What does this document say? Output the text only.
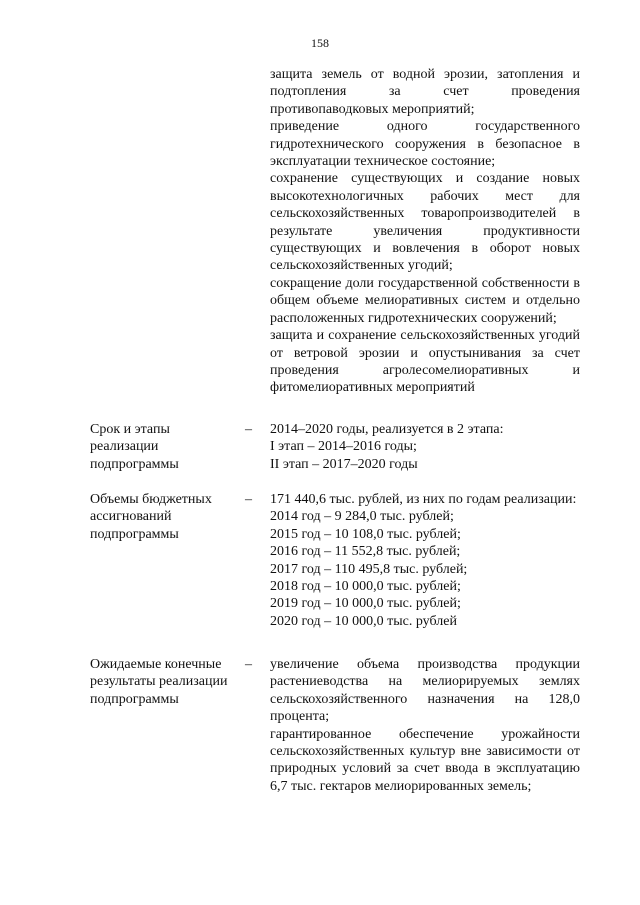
158

защита земель от водной эрозии, затопления и подтопления за счет проведения противопаводковых мероприятий;

приведение одного государственного гидротехнического сооружения в безопасное в эксплуатации техническое состояние;

сохранение существующих и создание новых высокотехнологичных рабочих мест для сельскохозяйственных товаропроизводителей в результате увеличения продуктивности существующих и вовлечения в оборот новых сельскохозяйственных угодий;

сокращение доли государственной собственности в общем объеме мелиоративных систем и отдельно расположенных гидротехнических сооружений;

защита и сохранение сельскохозяйственных угодий от ветровой эрозии и опустынивания за счет проведения агролесомелиоративных и фитомелиоративных мероприятий

Срок и этапы реализации подпрограммы
– 2014–2020 годы, реализуется в 2 этапа:

I этап – 2014–2016 годы;

II этап – 2017–2020 годы

Объемы бюджетных ассигнований подпрограммы
– 171 440,6 тыс. рублей, из них по годам реализации:

2014 год – 9 284,0 тыс. рублей;

2015 год – 10 108,0 тыс. рублей;

2016 год – 11 552,8 тыс. рублей;

2017 год – 110 495,8 тыс. рублей;

2018 год – 10 000,0 тыс. рублей;

2019 год – 10 000,0 тыс. рублей;

2020 год – 10 000,0 тыс. рублей

Ожидаемые конечные результаты реализации подпрограммы
– увеличение объема производства продукции растениеводства на мелиорируемых землях сельскохозяйственного назначения на 128,0 процента;

гарантированное обеспечение урожайности сельскохозяйственных культур вне зависимости от природных условий за счет ввода в эксплуатацию 6,7 тыс. гектаров мелиорированных земель;
